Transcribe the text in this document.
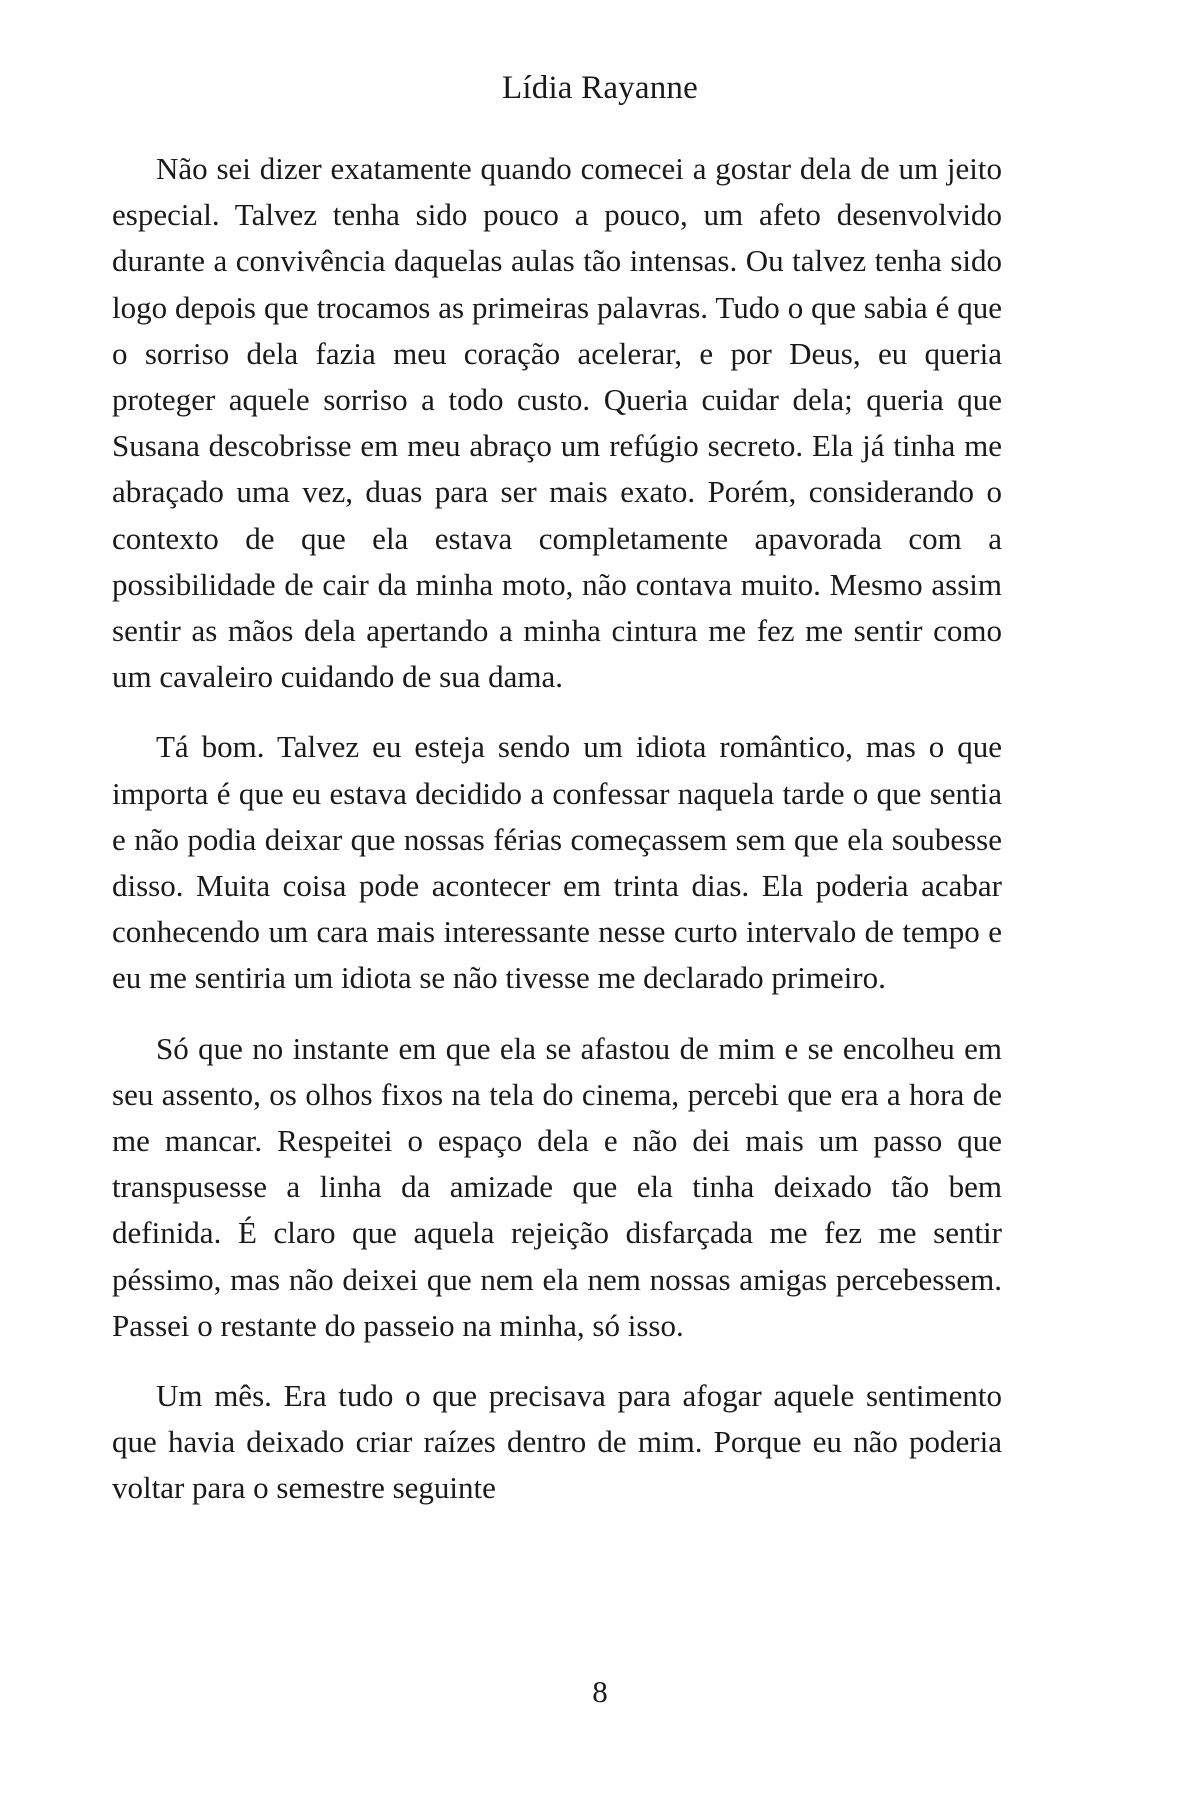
Lídia Rayanne

Não sei dizer exatamente quando comecei a gostar dela de um jeito especial. Talvez tenha sido pouco a pouco, um afeto desenvolvido durante a convivência daquelas aulas tão intensas. Ou talvez tenha sido logo depois que trocamos as primeiras palavras. Tudo o que sabia é que o sorriso dela fazia meu coração acelerar, e por Deus, eu queria proteger aquele sorriso a todo custo. Queria cuidar dela; queria que Susana descobrisse em meu abraço um refúgio secreto. Ela já tinha me abraçado uma vez, duas para ser mais exato. Porém, considerando o contexto de que ela estava completamente apavorada com a possibilidade de cair da minha moto, não contava muito. Mesmo assim sentir as mãos dela apertando a minha cintura me fez me sentir como um cavaleiro cuidando de sua dama.

Tá bom. Talvez eu esteja sendo um idiota romântico, mas o que importa é que eu estava decidido a confessar naquela tarde o que sentia e não podia deixar que nossas férias começassem sem que ela soubesse disso. Muita coisa pode acontecer em trinta dias. Ela poderia acabar conhecendo um cara mais interessante nesse curto intervalo de tempo e eu me sentiria um idiota se não tivesse me declarado primeiro.

Só que no instante em que ela se afastou de mim e se encolheu em seu assento, os olhos fixos na tela do cinema, percebi que era a hora de me mancar. Respeitei o espaço dela e não dei mais um passo que transpusesse a linha da amizade que ela tinha deixado tão bem definida. É claro que aquela rejeição disfarçada me fez me sentir péssimo, mas não deixei que nem ela nem nossas amigas percebessem. Passei o restante do passeio na minha, só isso.

Um mês. Era tudo o que precisava para afogar aquele sentimento que havia deixado criar raízes dentro de mim. Porque eu não poderia voltar para o semestre seguinte

8
